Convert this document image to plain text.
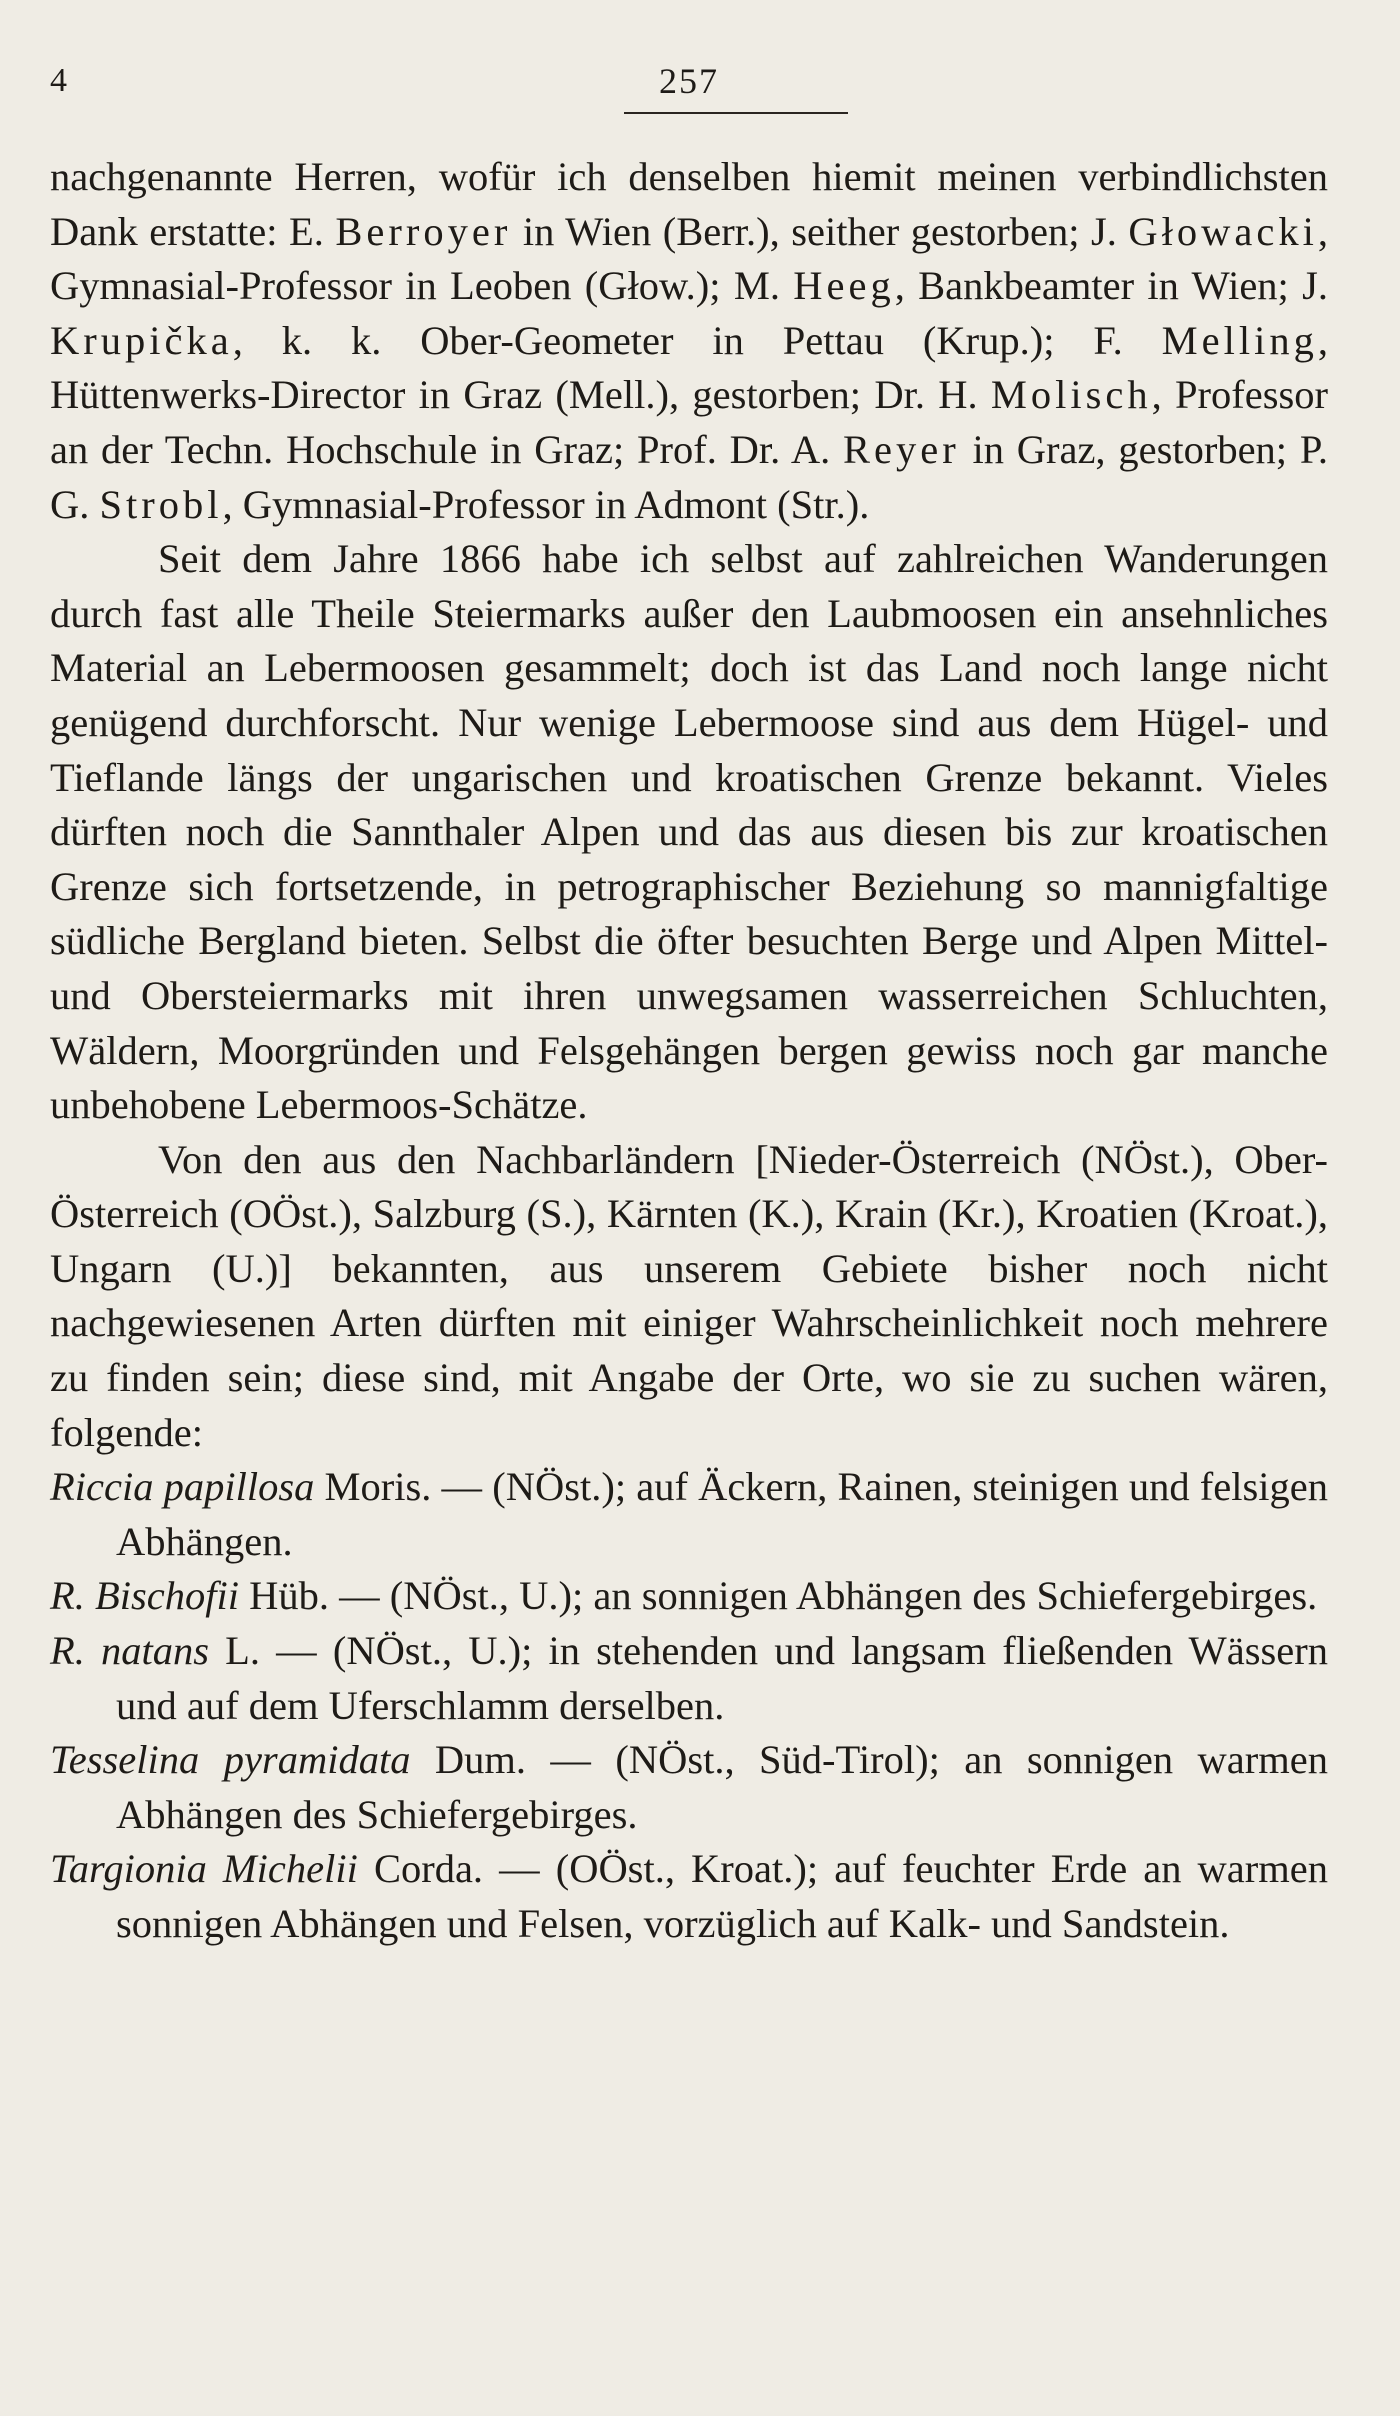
4	257

nachgenannte Herren, wofür ich denselben hiemit meinen verbindlichsten Dank erstatte: E. Berroyer in Wien (Berr.), seither gestorben; J. Głowacki, Gymnasial-Professor in Leoben (Głow.); M. Heeg, Bankbeamter in Wien; J. Krupička, k. k. Ober-Geometer in Pettau (Krup.); F. Melling, Hüttenwerks-Director in Graz (Mell.), gestorben; Dr. H. Molisch, Professor an der Techn. Hochschule in Graz; Prof. Dr. A. Reyer in Graz, gestorben; P. G. Strobl, Gymnasial-Professor in Admont (Str.).

Seit dem Jahre 1866 habe ich selbst auf zahlreichen Wanderungen durch fast alle Theile Steiermarks außer den Laubmoosen ein ansehnliches Material an Lebermoosen gesammelt; doch ist das Land noch lange nicht genügend durchforscht. Nur wenige Lebermoose sind aus dem Hügel- und Tieflande längs der ungarischen und kroatischen Grenze bekannt. Vieles dürften noch die Sannthaler Alpen und das aus diesen bis zur kroatischen Grenze sich fortsetzende, in petrographischer Beziehung so mannigfaltige südliche Bergland bieten. Selbst die öfter besuchten Berge und Alpen Mittel- und Obersteiermarks mit ihren unwegsamen wasserreichen Schluchten, Wäldern, Moorgründen und Felsgehängen bergen gewiss noch gar manche unbehobene Lebermoos-Schätze.

Von den aus den Nachbarländern [Nieder-Österreich (NÖst.), Ober-Österreich (OÖst.), Salzburg (S.), Kärnten (K.), Krain (Kr.), Kroatien (Kroat.), Ungarn (U.)] bekannten, aus unserem Gebiete bisher noch nicht nachgewiesenen Arten dürften mit einiger Wahrscheinlichkeit noch mehrere zu finden sein; diese sind, mit Angabe der Orte, wo sie zu suchen wären, folgende:

Riccia papillosa Moris. — (NÖst.); auf Äckern, Rainen, steinigen und felsigen Abhängen.

R. Bischofii Hüb. — (NÖst., U.); an sonnigen Abhängen des Schiefergebirges.

R. natans L. — (NÖst., U.); in stehenden und langsam fließenden Wässern und auf dem Uferschlamm derselben.

Tesselina pyramidata Dum. — (NÖst., Süd-Tirol); an sonnigen warmen Abhängen des Schiefergebirges.

Targionia Michelii Corda. — (OÖst., Kroat.); auf feuchter Erde an warmen sonnigen Abhängen und Felsen, vorzüglich auf Kalk- und Sandstein.
